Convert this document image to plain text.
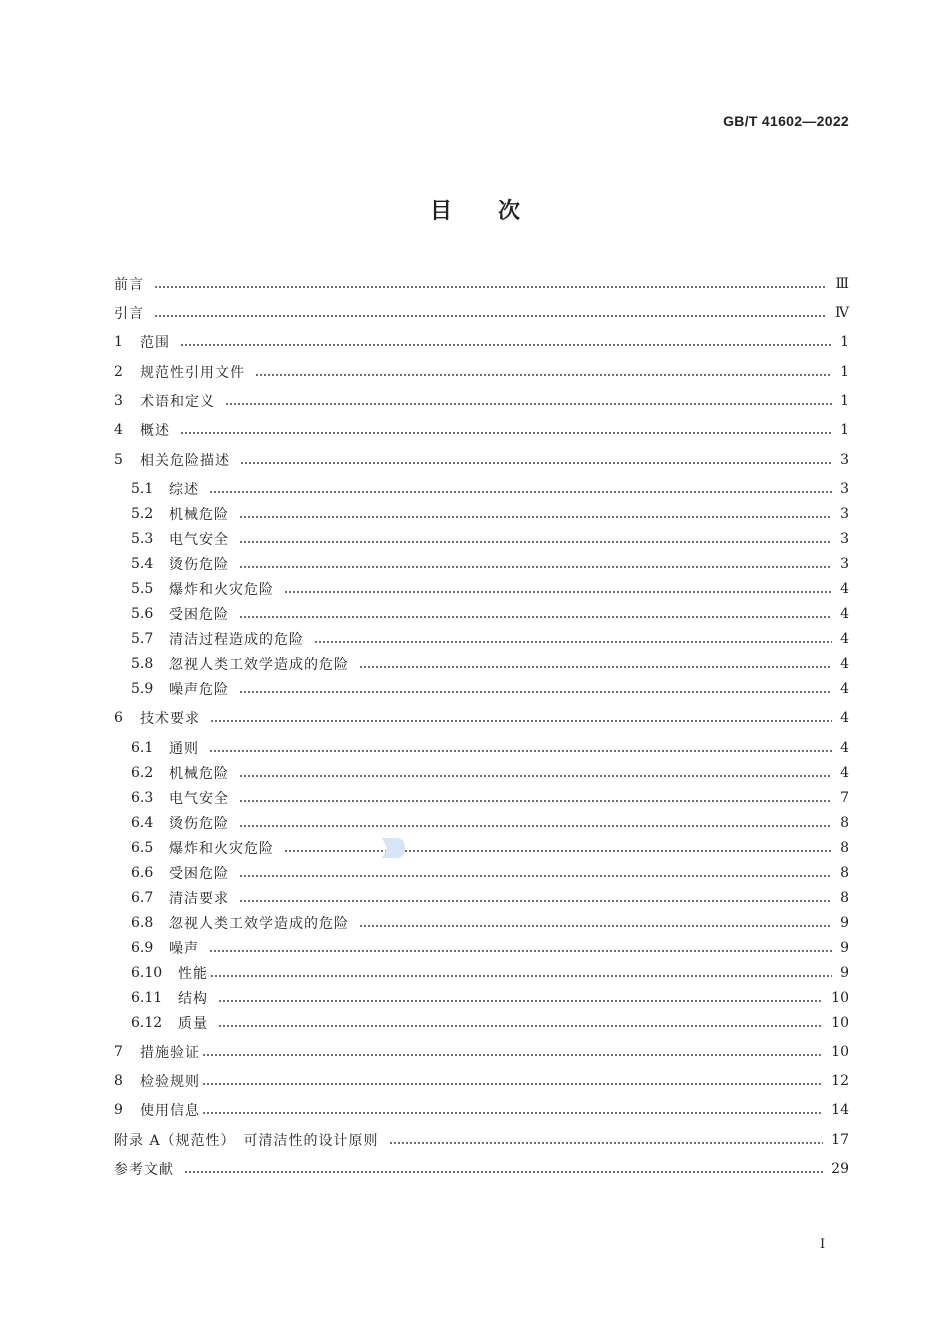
GB/T 41602—2022
目次
前言	Ⅲ
引言	Ⅳ
1	范围	1
2	规范性引用文件	1
3	术语和定义	1
4	概述	1
5	相关危险描述	3
5.1	综述	3
5.2	机械危险	3
5.3	电气安全	3
5.4	烫伤危险	3
5.5	爆炸和火灾危险	4
5.6	受困危险	4
5.7	清洁过程造成的危险	4
5.8	忽视人类工效学造成的危险	4
5.9	噪声危险	4
6	技术要求	4
6.1	通则	4
6.2	机械危险	4
6.3	电气安全	7
6.4	烫伤危险	8
6.5	爆炸和火灾危险	8
6.6	受困危险	8
6.7	清洁要求	8
6.8	忽视人类工效学造成的危险	9
6.9	噪声	9
6.10	性能	9
6.11	结构	10
6.12	质量	10
7	措施验证	10
8	检验规则	12
9	使用信息	14
附录 A（规范性）　可清洁性的设计原则	17
参考文献	29
I
